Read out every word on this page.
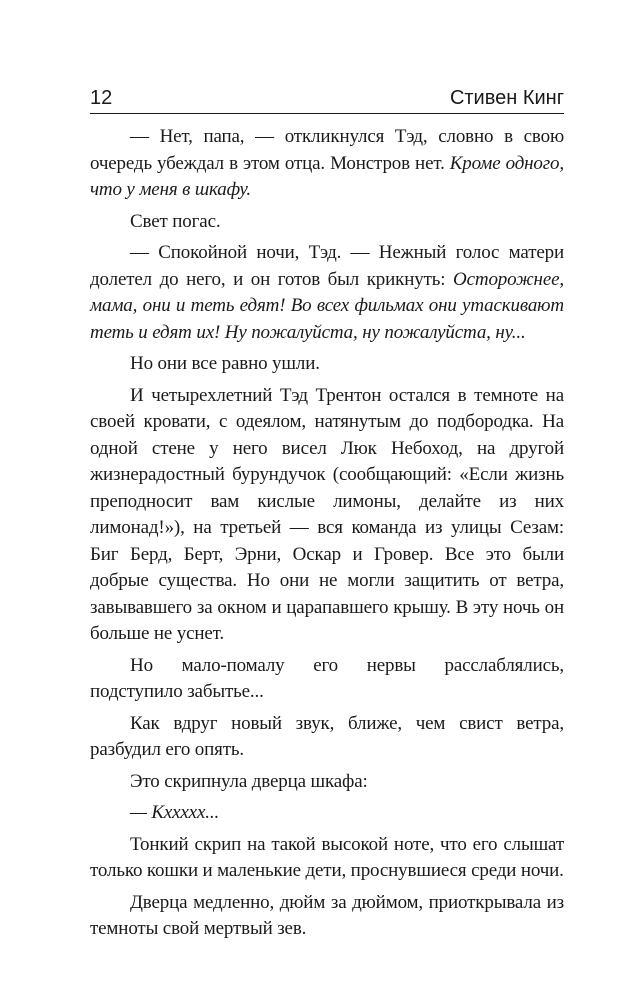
12	Стивен Кинг

— Нет, папа, — откликнулся Тэд, словно в свою очередь убеждал в этом отца. Монстров нет. Кроме одного, что у меня в шкафу.

Свет погас.

— Спокойной ночи, Тэд. — Нежный голос матери долетел до него, и он готов был крикнуть: Осторожнее, мама, они и теть едят! Во всех фильмах они утаскивают теть и едят их! Ну пожалуйста, ну пожалуйста, ну...

Но они все равно ушли.

И четырехлетний Тэд Трентон остался в темноте на своей кровати, с одеялом, натянутым до подбородка. На одной стене у него висел Люк Небоход, на другой жизнерадостный бурундучок (сообщающий: «Если жизнь преподносит вам кислые лимоны, делайте из них лимонад!»), на третьей — вся команда из улицы Сезам: Биг Берд, Берт, Эрни, Оскар и Гровер. Все это были добрые существа. Но они не могли защитить от ветра, завывавшего за окном и царапавшего крышу. В эту ночь он больше не уснет.

Но мало-помалу его нервы расслаблялись, подступило забытье...

Как вдруг новый звук, ближе, чем свист ветра, разбудил его опять.

Это скрипнула дверца шкафа:

— Кххххх...

Тонкий скрип на такой высокой ноте, что его слышат только кошки и маленькие дети, проснувшиеся среди ночи.

Дверца медленно, дюйм за дюймом, приоткрывала из темноты свой мертвый зев.
